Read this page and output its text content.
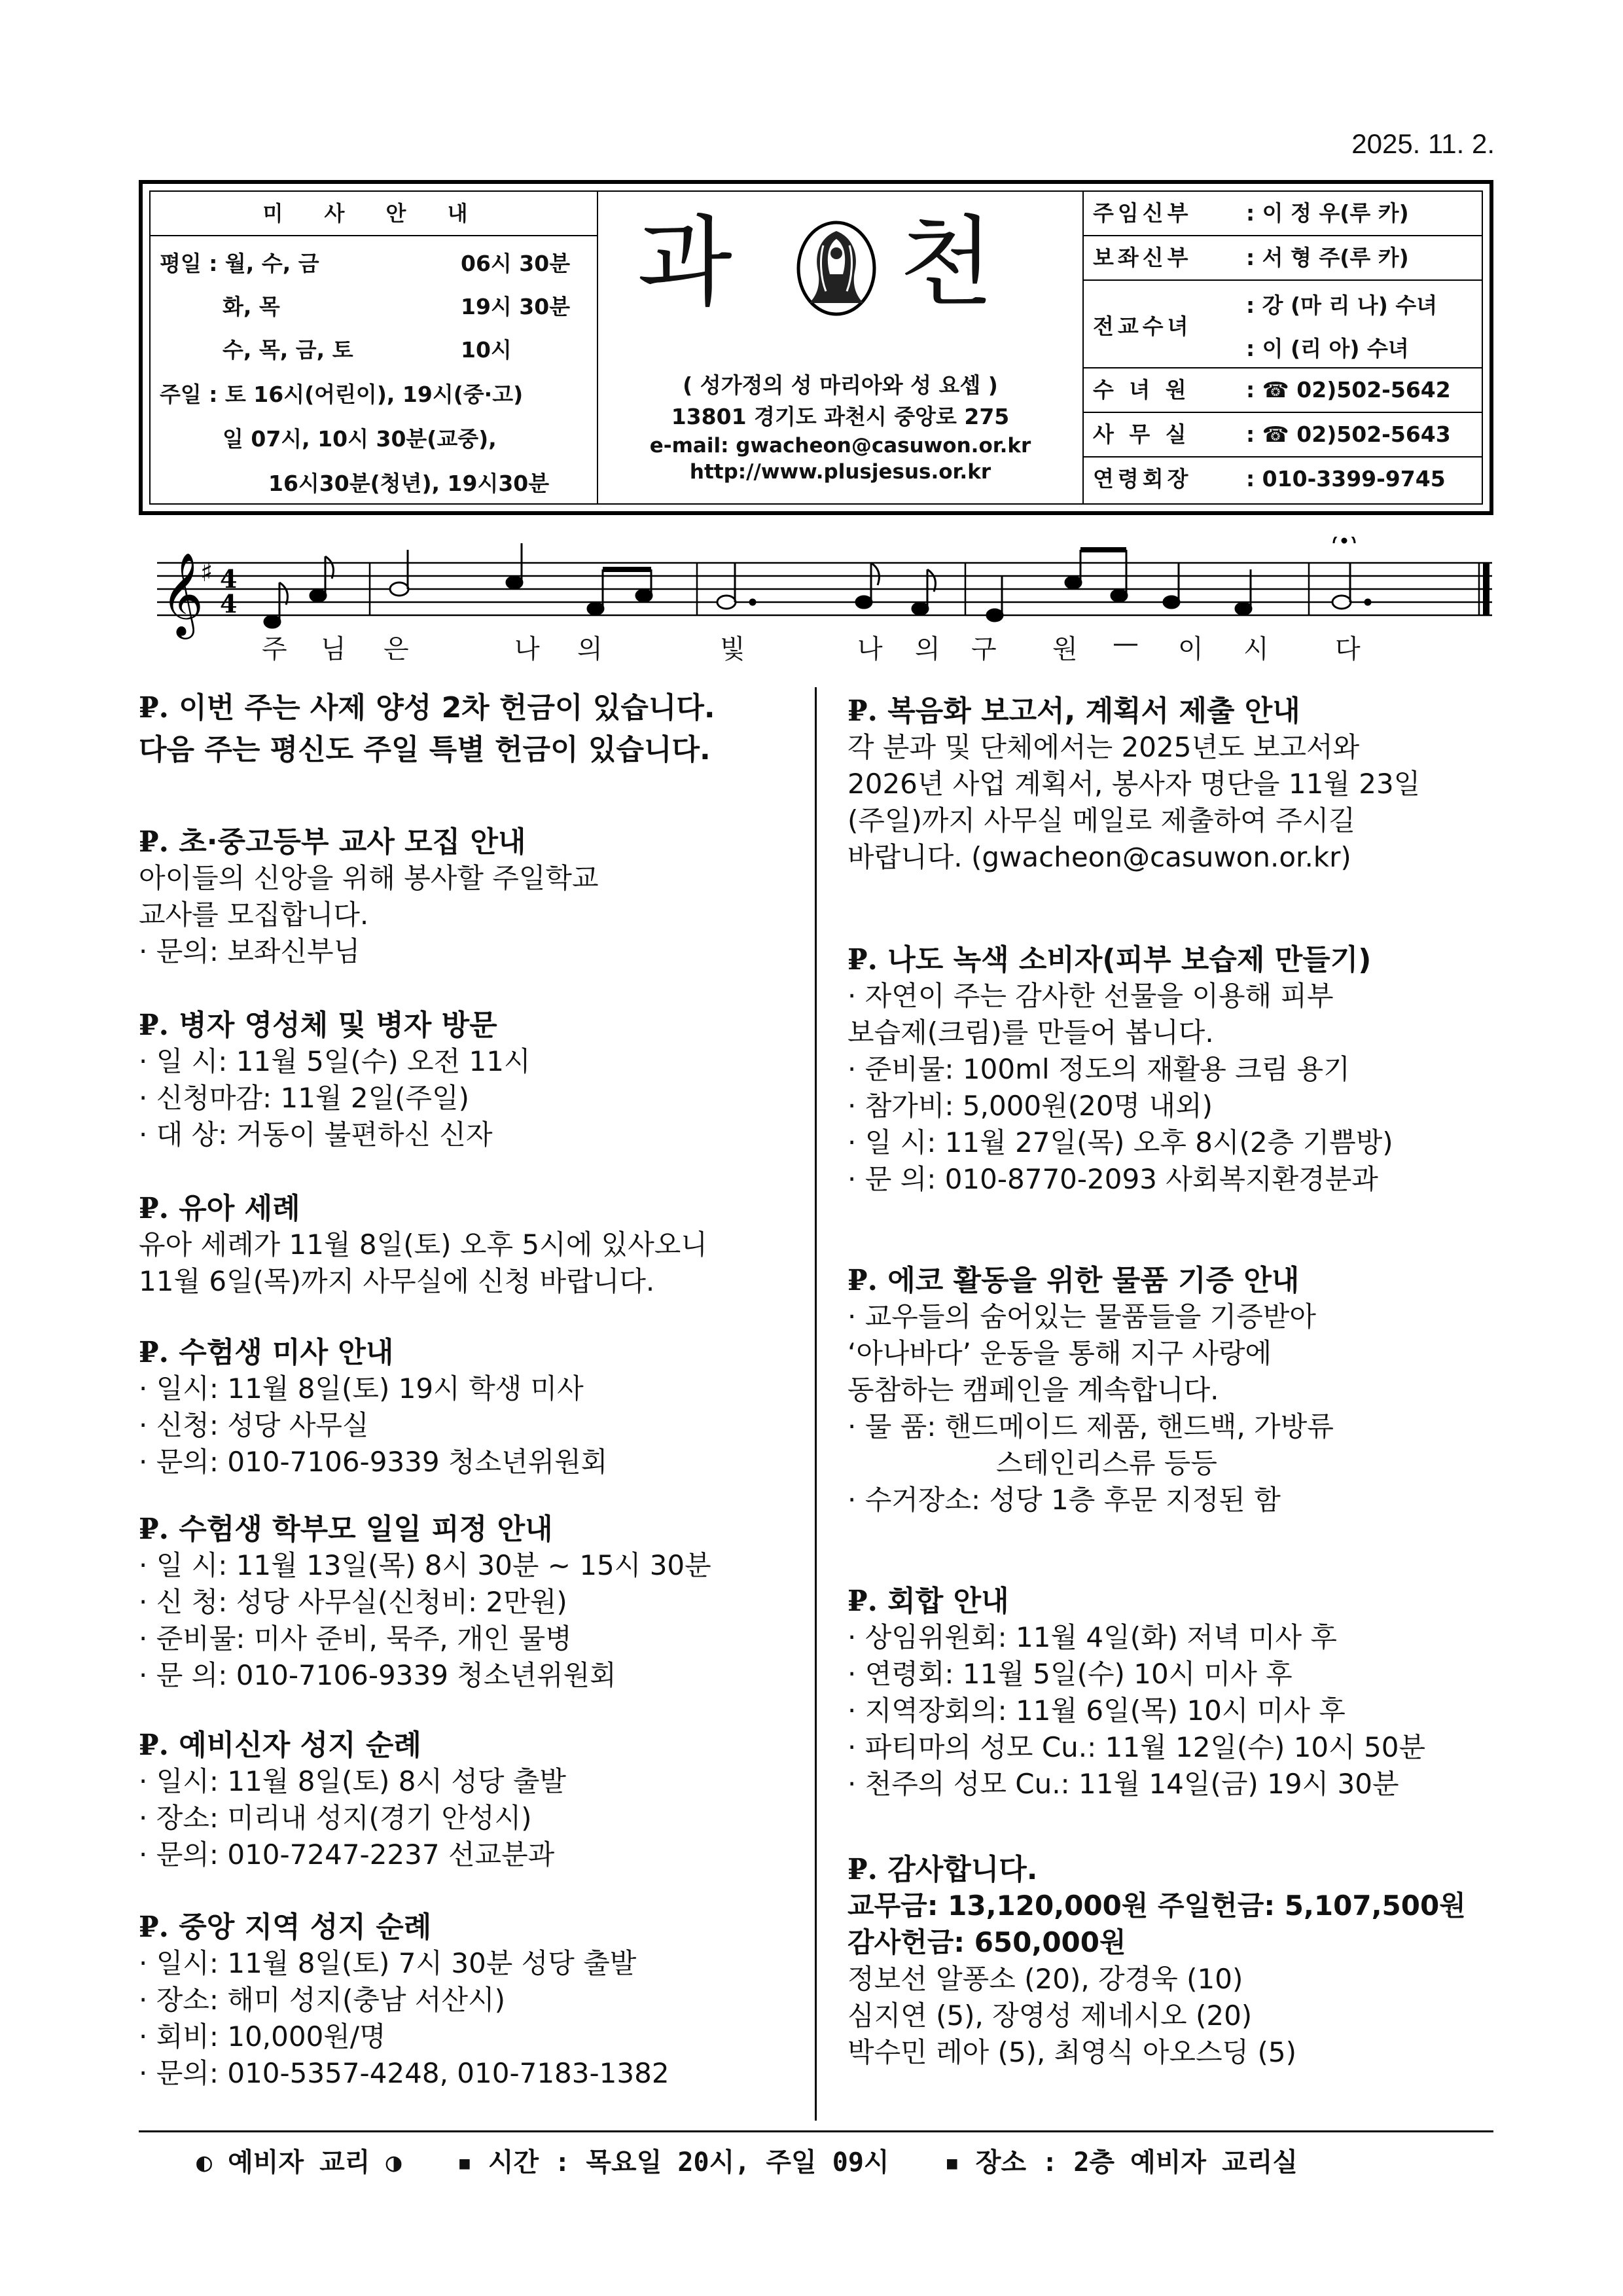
2025. 11. 2.
미 사 안 내
평일 : 월, 수, 금	06시 30분
화, 목	19시 30분
수, 목, 금, 토	10시
주일 : 토 16시(어린이), 19시(중·고)
일 07시, 10시 30분(교중),
16시30분(청년), 19시30분
과 천
( 성가정의 성 마리아와 성 요셉 )
13801 경기도 과천시 중앙로 275
e-mail: gwacheon@casuwon.or.kr
http://www.plusjesus.or.kr
주임신부 : 이 정 우(루 카)
보좌신부 : 서 형 주(루 카)
전교수녀
: 강 (마 리 나) 수녀
: 이 (리 아) 수녀
수 녀 원	: ☎ 02)502-5642
사 무 실	: ☎ 02)502-5643
연령회장 : 010-3399-9745
𝄞
♯ 4
4
주 님 은	나 의	빛	나 의 구 원 — 이 시	다
₽. 이번 주는 사제 양성 2차 헌금이 있습니다.
다음 주는 평신도 주일 특별 헌금이 있습니다.
₽. 초·중고등부 교사 모집 안내
아이들의 신앙을 위해 봉사할 주일학교
교사를 모집합니다.
· 문의: 보좌신부님
₽. 병자 영성체 및 병자 방문
· 일 시: 11월 5일(수) 오전 11시
· 신청마감: 11월 2일(주일)
· 대 상: 거동이 불편하신 신자
₽. 유아 세례
유아 세례가 11월 8일(토) 오후 5시에 있사오니
11월 6일(목)까지 사무실에 신청 바랍니다.
₽. 수험생 미사 안내
· 일시: 11월 8일(토) 19시 학생 미사
· 신청: 성당 사무실
· 문의: 010-7106-9339 청소년위원회
₽. 수험생 학부모 일일 피정 안내
· 일 시: 11월 13일(목) 8시 30분 ~ 15시 30분
· 신 청: 성당 사무실(신청비: 2만원)
· 준비물: 미사 준비, 묵주, 개인 물병
· 문 의: 010-7106-9339 청소년위원회
₽. 예비신자 성지 순례
· 일시: 11월 8일(토) 8시 성당 출발
· 장소: 미리내 성지(경기 안성시)
· 문의: 010-7247-2237 선교분과
₽. 중앙 지역 성지 순례
· 일시: 11월 8일(토) 7시 30분 성당 출발
· 장소: 해미 성지(충남 서산시)
· 회비: 10,000원/명
· 문의: 010-5357-4248, 010-7183-1382
₽. 복음화 보고서, 계획서 제출 안내
각 분과 및 단체에서는 2025년도 보고서와
2026년 사업 계획서, 봉사자 명단을 11월 23일
(주일)까지 사무실 메일로 제출하여 주시길
바랍니다. (gwacheon@casuwon.or.kr)
₽. 나도 녹색 소비자(피부 보습제 만들기)
· 자연이 주는 감사한 선물을 이용해 피부
보습제(크림)를 만들어 봅니다.
· 준비물: 100ml 정도의 재활용 크림 용기
· 참가비: 5,000원(20명 내외)
· 일 시: 11월 27일(목) 오후 8시(2층 기쁨방)
· 문 의: 010-8770-2093 사회복지환경분과
₽. 에코 활동을 위한 물품 기증 안내
· 교우들의 숨어있는 물품들을 기증받아
‘아나바다’ 운동을 통해 지구 사랑에
동참하는 캠페인을 계속합니다.
· 물 품: 핸드메이드 제품, 핸드백, 가방류
스테인리스류 등등
· 수거장소: 성당 1층 후문 지정된 함
₽. 회합 안내
· 상임위원회: 11월 4일(화) 저녁 미사 후
· 연령회: 11월 5일(수) 10시 미사 후
· 지역장회의: 11월 6일(목) 10시 미사 후
· 파티마의 성모 Cu.: 11월 12일(수) 10시 50분
· 천주의 성모 Cu.: 11월 14일(금) 19시 30분
₽. 감사합니다.
교무금: 13,120,000원 주일헌금: 5,107,500원
감사헌금: 650,000원
정보선 알퐁소 (20), 강경욱 (10)
심지연 (5), 장영성 제네시오 (20)
박수민 레아 (5), 최영식 아오스딩 (5)
◐ 예비자 교리 ◑ ▪ 시간 : 목요일 20시, 주일 09시 ▪ 장소 : 2층 예비자 교리실
